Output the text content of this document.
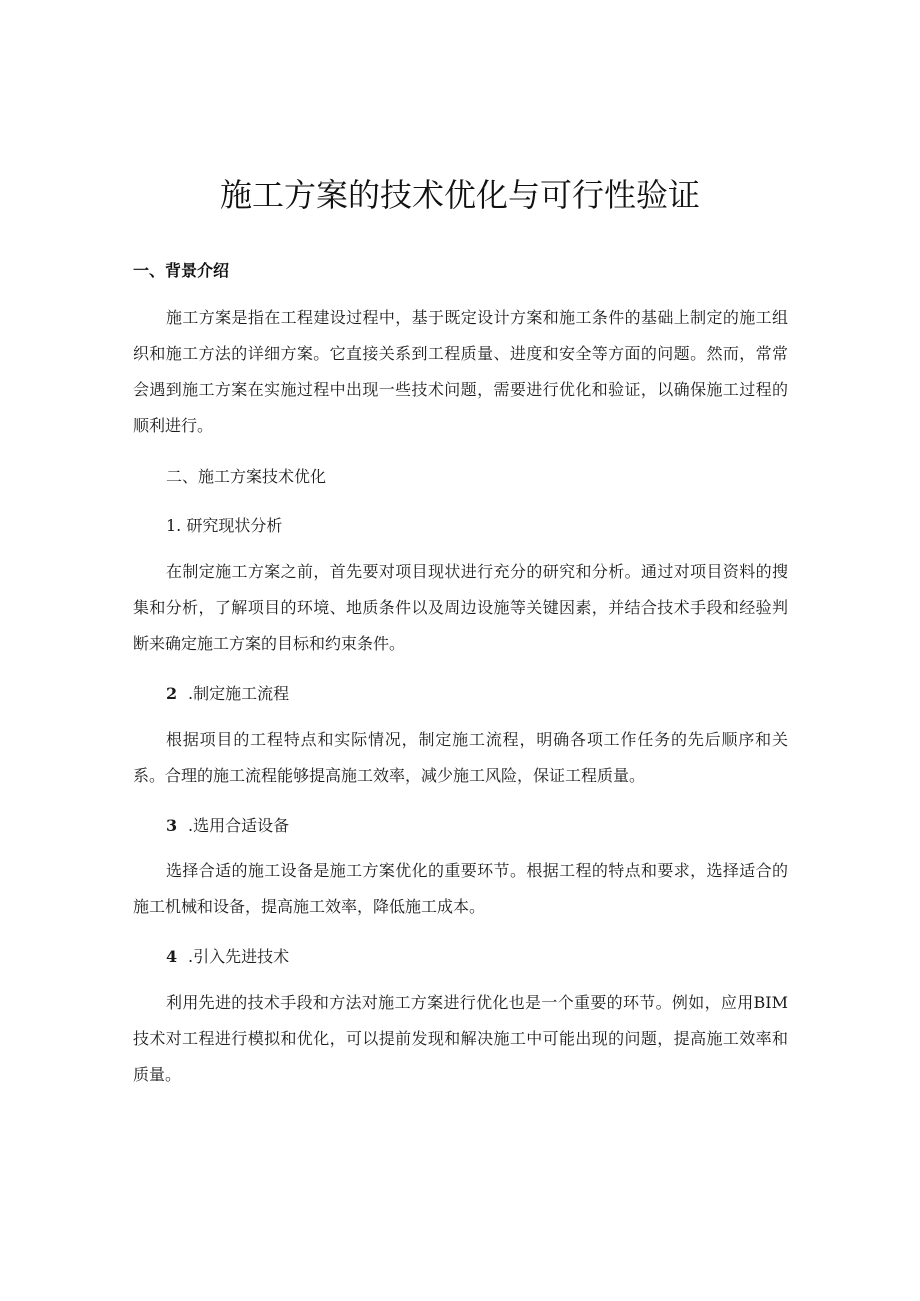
施工方案的技术优化与可行性验证
一、背景介绍
施工方案是指在工程建设过程中，基于既定设计方案和施工条件的基础上制定的施工组织和施工方法的详细方案。它直接关系到工程质量、进度和安全等方面的问题。然而，常常会遇到施工方案在实施过程中出现一些技术问题，需要进行优化和验证，以确保施工过程的顺利进行。
二、施工方案技术优化
1. 研究现状分析
在制定施工方案之前，首先要对项目现状进行充分的研究和分析。通过对项目资料的搜集和分析，了解项目的环境、地质条件以及周边设施等关键因素，并结合技术手段和经验判断来确定施工方案的目标和约束条件。
2 .制定施工流程
根据项目的工程特点和实际情况，制定施工流程，明确各项工作任务的先后顺序和关系。合理的施工流程能够提高施工效率，减少施工风险，保证工程质量。
3 .选用合适设备
选择合适的施工设备是施工方案优化的重要环节。根据工程的特点和要求，选择适合的施工机械和设备，提高施工效率，降低施工成本。
4 .引入先进技术
利用先进的技术手段和方法对施工方案进行优化也是一个重要的环节。例如，应用BIM技术对工程进行模拟和优化，可以提前发现和解决施工中可能出现的问题，提高施工效率和质量。
